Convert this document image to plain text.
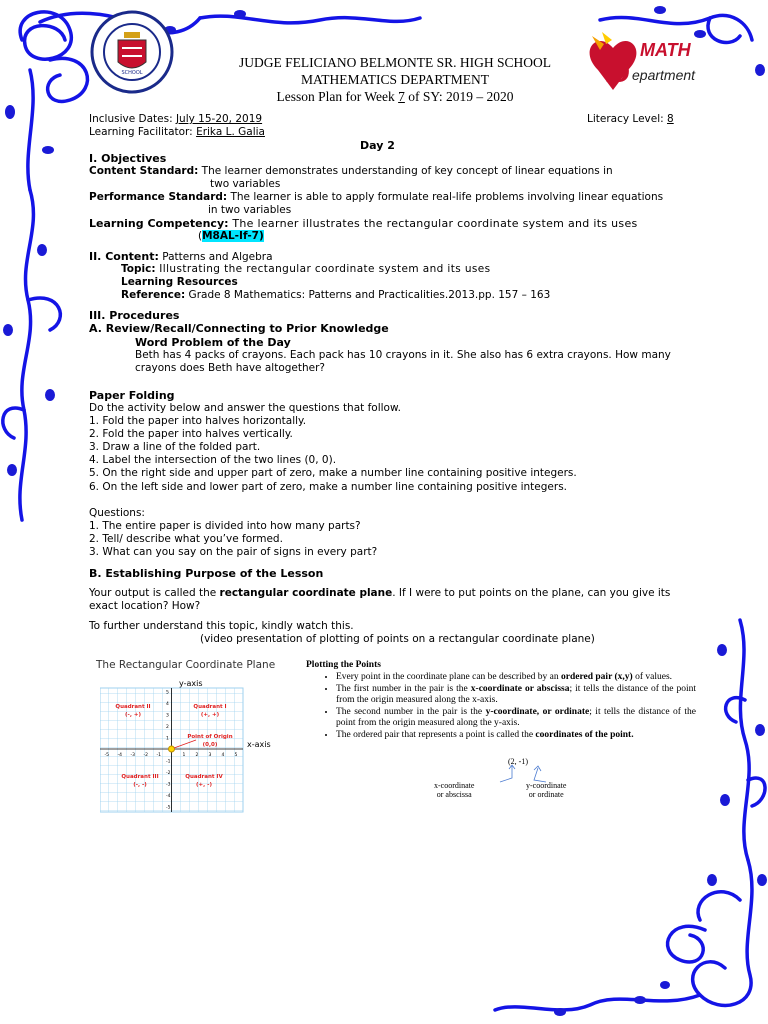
SCHOOL	D
MATH
epartment
JUDGE FELICIANO BELMONTE SR. HIGH SCHOOL
MATHEMATICS DEPARTMENT
Lesson Plan for Week 7 of SY: 2019 – 2020
Inclusive Dates: July 15-20, 2019	Literacy Level: 8
Learning Facilitator: Erika L. Galia
Day 2
I. Objectives
Content Standard: The learner demonstrates understanding of key concept of linear equations in
two variables
Performance Standard: The learner is able to apply formulate real-life problems involving linear equations
in two variables
Learning Competency: The learner illustrates the rectangular coordinate system and its uses
(M8AL-If-7)
II. Content: Patterns and Algebra
Topic: Illustrating the rectangular coordinate system and its uses
Learning Resources
Reference: Grade 8 Mathematics: Patterns and Practicalities.2013.pp. 157 – 163
III. Procedures
A. Review/Recall/Connecting to Prior Knowledge
Word Problem of the Day
Beth has 4 packs of crayons. Each pack has 10 crayons in it. She also has 6 extra crayons. How many
crayons does Beth have altogether?
Paper Folding
Do the activity below and answer the questions that follow.
1. Fold the paper into halves horizontally.
2. Fold the paper into halves vertically.
3. Draw a line of the folded part.
4. Label the intersection of the two lines (0, 0).
5. On the right side and upper part of zero, make a number line containing positive integers.
6. On the left side and lower part of zero, make a number line containing positive integers.
Questions:
1. The entire paper is divided into how many parts?
2. Tell/ describe what you’ve formed.
3. What can you say on the pair of signs in every part?
B. Establishing Purpose of the Lesson
Your output is called the rectangular coordinate plane. If I were to put points on the plane, can you give its
exact location? How?
To further understand this topic, kindly watch this.
(video presentation of plotting of points on a rectangular coordinate plane)
The Rectangular Coordinate Plane
-5 -4 -3 -2 -1	1 2 3 4 5
5
4
3
2
1
-1
-2
-3
-4
-5
y-axis
x-axis
Quadrant II
(-, +)
Quadrant I
(+, +)
Point of Origin
(0,0)
Quadrant III
(-, -)
Quadrant IV
(+, -)
Plotting the Points
• Every point in the coordinate plane can be described by an ordered pair (x,y) of values.
• The first number in the pair is the x-coordinate or abscissa; it tells the distance of the point from the origin measured along the x-axis.
• The second number in the pair is the y-coordinate, or ordinate; it tells the distance of the point from the origin measured along the y-axis.
• The ordered pair that represents a point is called the coordinates of the point.
(2, -1)
x-coordinate
or abscissa
y-coordinate
or ordinate
